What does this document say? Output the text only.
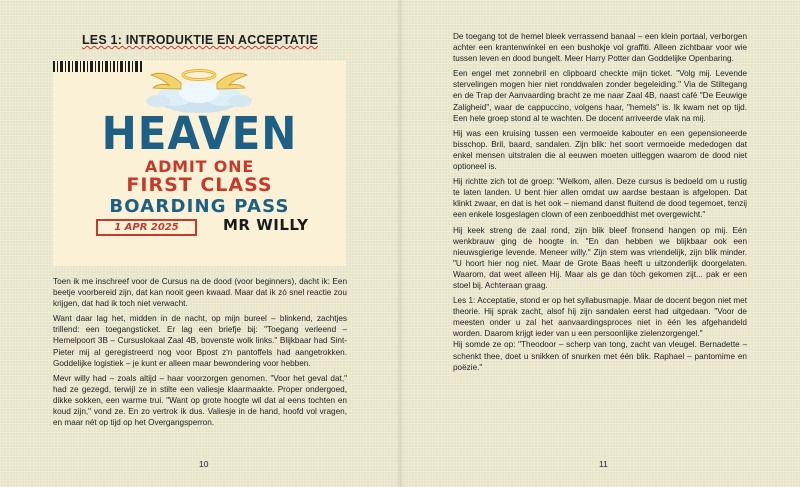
LES 1: INTRODUKTIE EN ACCEPTATIE
HEAVEN
ADMIT ONE
FIRST CLASS
BOARDING PASS
1 APR 2025	MR WILLY

Toen ik me inschreef voor de Cursus na de dood (voor beginners), dacht ik: Een beetje voorbereid zijn, dat kan nooit geen kwaad. Maar dat ik zó snel reactie zou krijgen, dat had ik toch niet verwacht.

Want daar lag het, midden in de nacht, op mijn bureel – blinkend, zachtjes trillend: een toegangsticket. Er lag een briefje bij: "Toegang verleend – Hemelpoort 3B – Cursuslokaal Zaal 4B, bovenste wolk links." Blijkbaar had Sint-Pieter mij al geregistreerd nog voor Bpost z'n pantoffels had aangetrokken. Goddelijke logistiek – je kunt er alleen maar bewondering voor hebben.

Mevr willy had – zoals altijd – haar voorzorgen genomen. "Voor het geval dat," had ze gezegd, terwijl ze in stilte een valiesje klaarmaakte. Proper ondergoed, dikke sokken, een warme trui. "Want op grote hoogte wil dat al eens tochten en koud zijn," vond ze. En zo vertrok ik dus. Valiesje in de hand, hoofd vol vragen, en maar nét op tijd op het Overgangsperron.

10

De toegang tot de hemel bleek verrassend banaal – een klein portaal, verborgen achter een krantenwinkel en een bushokje vol graffiti. Alleen zichtbaar voor wie tussen leven en dood bungelt. Meer Harry Potter dan Goddelijke Openbaring.

Een engel met zonnebril en clipboard checkte mijn ticket. "Volg mij. Levende stervelingen mogen hier niet ronddwalen zonder begeleiding." Via de Stiltegang en de Trap der Aanvaarding bracht ze me naar Zaal 4B, naast café "De Eeuwige Zaligheid", waar de cappuccino, volgens haar, "hemels" is. Ik kwam net op tijd. Een hele groep stond al te wachten. De docent arriveerde vlak na mij.

Hij was een kruising tussen een vermoeide kabouter en een gepensioneerde bisschop. Bril, baard, sandalen. Zijn blik: het soort vermoeide mededogen dat enkel mensen uitstralen die al eeuwen moeten uitleggen waarom de dood niet optioneel is.

Hij richtte zich tot de groep: "Welkom, allen. Deze cursus is bedoeld om u rustig te laten landen. U bent hier allen omdat uw aardse bestaan is afgelopen. Dat klinkt zwaar, en dat is het ook – niemand danst fluitend de dood tegemoet, tenzij een enkele losgeslagen clown of een zenboeddhist met overgewicht."

Hij keek streng de zaal rond, zijn blik bleef fronsend hangen op mij. Eén wenkbrauw ging de hoogte in. "En dan hebben we blijkbaar ook een nieuwsgierige levende. Meneer willy." Zijn stem was vriendelijk, zijn blik minder. "U hoort hier nog niet. Maar de Grote Baas heeft u uitzonderlijk doorgelaten. Waarom, dat weet alleen Hij. Maar als ge dan tòch gekomen zijt... pak er een stoel bij. Achteraan graag.

Les 1: Acceptatie, stond er op het syllabusmapje. Maar de docent begon niet met theorie. Hij sprak zacht, alsof hij zijn sandalen eerst had uitgedaan. "Voor de meesten onder u zal het aanvaardingsproces niet in één les afgehandeld worden. Daarom krijgt ieder van u een persoonlijke zielenzorgengel."

Hij somde ze op: "Theodoor – scherp van tong, zacht van vleugel. Bernadette – schenkt thee, doet u snikken of snurken met één blik. Raphael – pantomime en poëzie."

11
